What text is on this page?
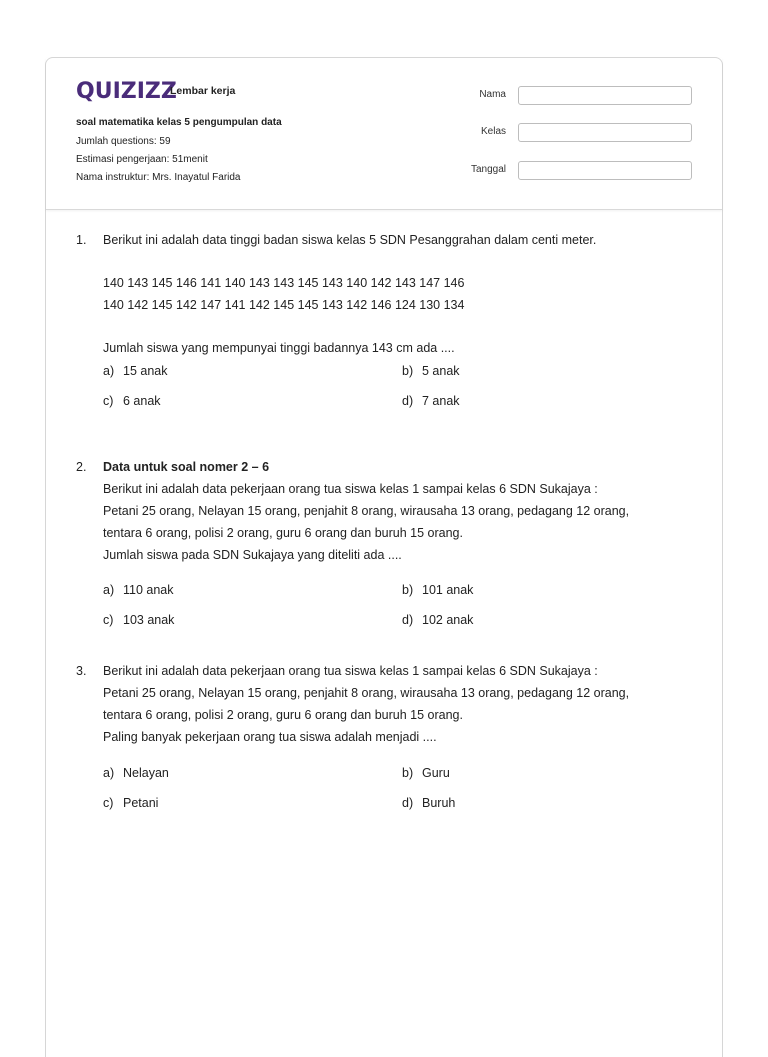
QUIZIZZ
Lembar kerja
soal matematika kelas 5 pengumpulan data
Jumlah questions: 59
Estimasi pengerjaan: 51menit
Nama instruktur: Mrs. Inayatul Farida
Nama
Kelas
Tanggal
1. Berikut ini adalah data tinggi badan siswa kelas 5 SDN Pesanggrahan dalam centi meter.

140 143 145 146 141 140 143 143 145 143 140 142 143 147 146

140 142 145 142 147 141 142 145 145 143 142 146 124 130 134

Jumlah siswa yang mempunyai tinggi badannya 143 cm ada ....

a) 15 anak	b) 5 anak
c) 6 anak	d) 7 anak
2. Data untuk soal nomer 2 – 6

Berikut ini adalah data pekerjaan orang tua siswa kelas 1 sampai kelas 6 SDN Sukajaya :

Petani 25 orang, Nelayan 15 orang, penjahit 8 orang, wirausaha 13 orang, pedagang 12 orang,

tentara 6 orang, polisi 2 orang, guru 6 orang dan buruh 15 orang.

Jumlah siswa pada SDN Sukajaya yang diteliti ada ....

a) 110 anak	b) 101 anak
c) 103 anak	d) 102 anak
3. Berikut ini adalah data pekerjaan orang tua siswa kelas 1 sampai kelas 6 SDN Sukajaya :

Petani 25 orang, Nelayan 15 orang, penjahit 8 orang, wirausaha 13 orang, pedagang 12 orang,

tentara 6 orang, polisi 2 orang, guru 6 orang dan buruh 15 orang.

Paling banyak pekerjaan orang tua siswa adalah menjadi ....

a) Nelayan	b) Guru
c) Petani	d) Buruh
